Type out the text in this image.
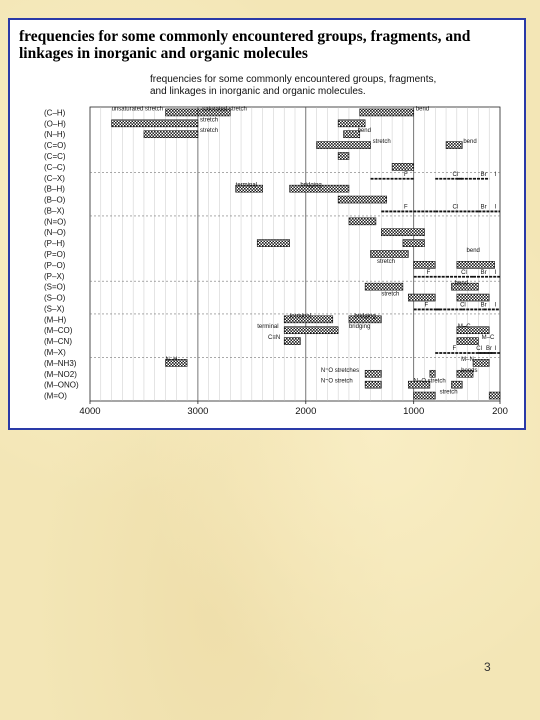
frequencies for some commonly encountered groups, fragments, and linkages in inorganic and organic molecules
frequencies for some commonly encountered groups, fragments,
and linkages in inorganic and organic molecules.
(C–H)
(O–H)
(N–H)
(C=O)
(C=C)
(C–C)
(C–X)
(B–H)
(B–O)
(B–X)
(N=O)
(N–O)
(P–H)
(P=O)
(P–O)
(P–X)
(S=O)
(S–O)
(S–X)
(M–H)
(M–CO)
(M–CN)
(M–X)
(M–NH3)
(M–NO2)
(M–ONO)
(M=O)
unsaturated stretch	saturated stretch	bend
stretch
stretch	bend
stretch	bend
F	Cl	Br I
terminal	bridging
F	Cl	Br I
bend
stretch
F	Cl Br I
bend
stretch
F	Cl	I
Br
terminal	bridging
terminal	bridging	M–C
C≡N	M–C
F	Cl Br I
N–H	M–N
N⁼O stretches	bends
N⁼O stretch	N–O stretch
stretch
4000	3000	2000	1000	200
3
